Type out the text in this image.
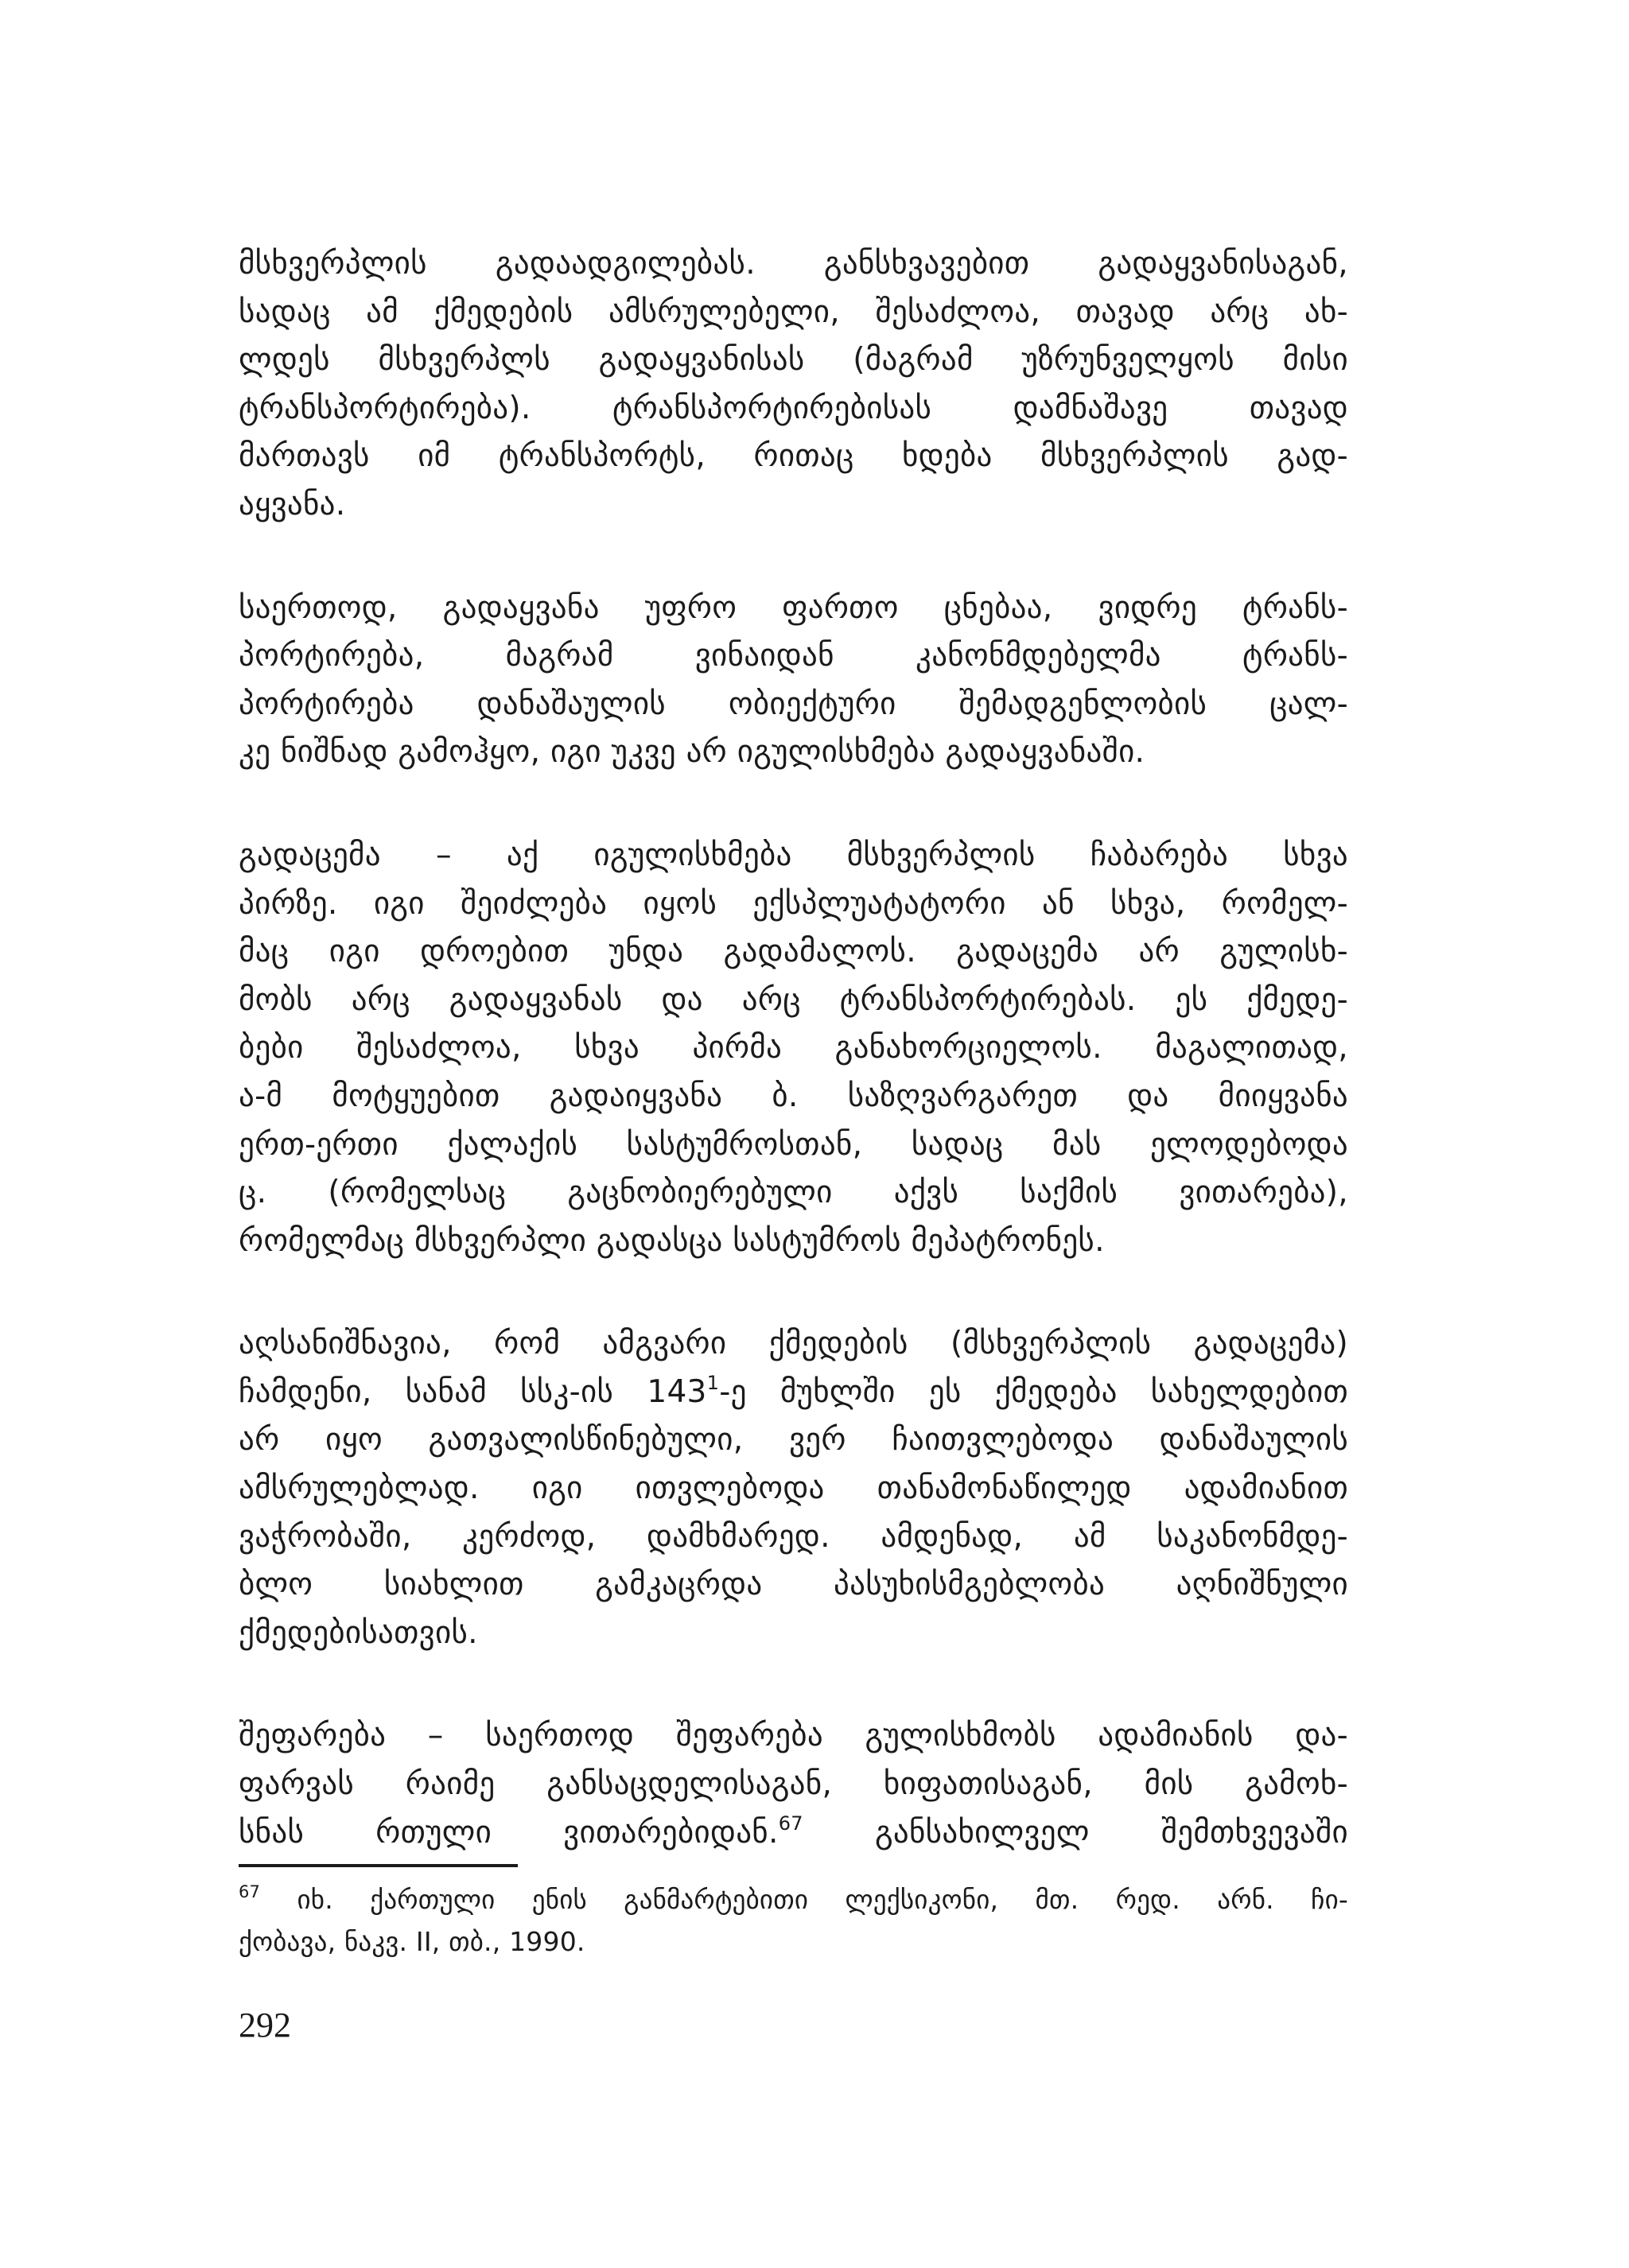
მსხვერპლის გადაადგილებას. განსხვავებით გადაყვანისაგან,
სადაც ამ ქმედების ამსრულებელი, შესაძლოა, თავად არც ახ-
ლდეს მსხვერპლს გადაყვანისას (მაგრამ უზრუნველყოს მისი
ტრანსპორტირება). ტრანსპორტირებისას დამნაშავე თავად
მართავს იმ ტრანსპორტს, რითაც ხდება მსხვერპლის გად-
აყვანა.

საერთოდ, გადაყვანა უფრო ფართო ცნებაა, ვიდრე ტრანს-
პორტირება, მაგრამ ვინაიდან კანონმდებელმა ტრანს-
პორტირება დანაშაულის ობიექტური შემადგენლობის ცალ-
კე ნიშნად გამოჰყო, იგი უკვე არ იგულისხმება გადაყვანაში.

გადაცემა – აქ იგულისხმება მსხვერპლის ჩაბარება სხვა
პირზე. იგი შეიძლება იყოს ექსპლუატატორი ან სხვა, რომელ-
მაც იგი დროებით უნდა გადამალოს. გადაცემა არ გულისხ-
მობს არც გადაყვანას და არც ტრანსპორტირებას. ეს ქმედე-
ბები შესაძლოა, სხვა პირმა განახორციელოს. მაგალითად,
ა-მ მოტყუებით გადაიყვანა ბ. საზღვარგარეთ და მიიყვანა
ერთ-ერთი ქალაქის სასტუმროსთან, სადაც მას ელოდებოდა
ც. (რომელსაც გაცნობიერებული აქვს საქმის ვითარება),
რომელმაც მსხვერპლი გადასცა სასტუმროს მეპატრონეს.

აღსანიშნავია, რომ ამგვარი ქმედების (მსხვერპლის გადაცემა)
ჩამდენი, სანამ სსკ-ის $143^1-ე$ მუხლში ეს ქმედება სახელდებით
არ იყო გათვალისწინებული, ვერ ჩაითვლებოდა დანაშაულის
ამსრულებლად. იგი ითვლებოდა თანამონაწილედ ადამიანით
ვაჭრობაში, კერძოდ, დამხმარედ. ამდენად, ამ საკანონმდე-
ბლო სიახლით გამკაცრდა პასუხისმგებლობა აღნიშნული
ქმედებისათვის.

შეფარება – საერთოდ შეფარება გულისხმობს ადამიანის და-
ფარვას რაიმე განსაცდელისაგან, ხიფათისაგან, მის გამოხ-
სნას რთული ვითარებიდან.$^{67}$ განსახილველ შემთხვევაში

$^{67}$ იხ. ქართული ენის განმარტებითი ლექსიკონი, მთ. რედ. არნ. ჩი-
ქობავა, ნაკვ. II, თბ., 1990.
292
